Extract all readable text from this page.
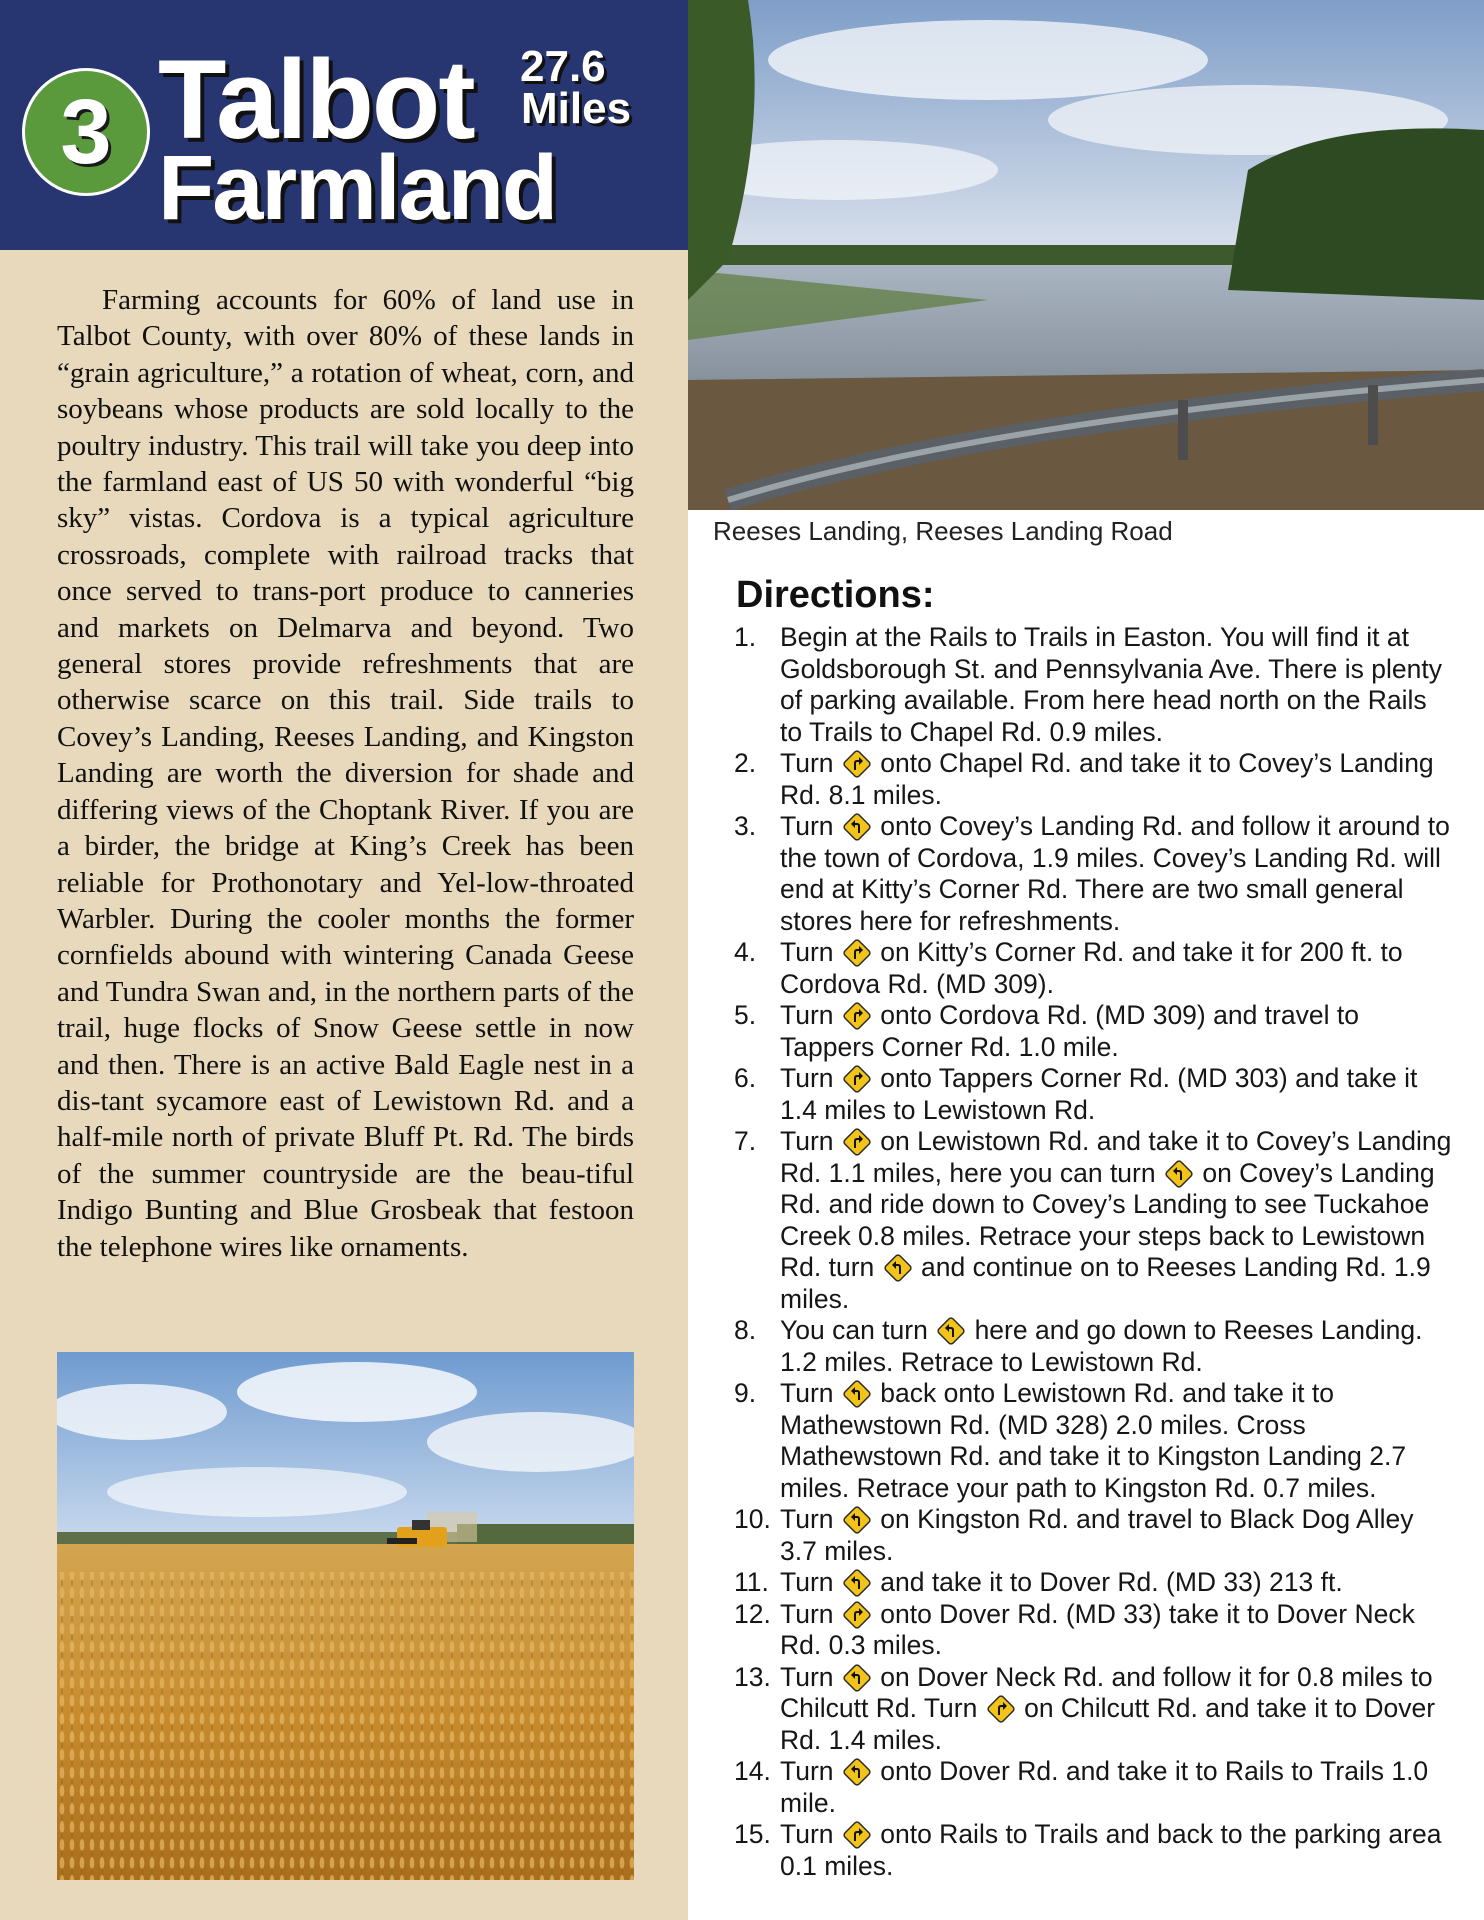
3 Talbot
Farmland
27.6
Miles

Farming accounts for 60% of land use in Talbot County, with over 80% of these lands in “grain agriculture,” a rotation of wheat, corn, and soybeans whose products are sold locally to the poultry industry. This trail will take you deep into the farmland east of US 50 with wonderful “big sky” vistas. Cordova is a typical agriculture crossroads, complete with railroad tracks that once served to trans-port produce to canneries and markets on Delmarva and beyond. Two general stores provide refreshments that are otherwise scarce on this trail. Side trails to Covey’s Landing, Reeses Landing, and Kingston Landing are worth the diversion for shade and differing views of the Choptank River. If you are a birder, the bridge at King’s Creek has been reliable for Prothonotary and Yel-low-throated Warbler. During the cooler months the former cornfields abound with wintering Canada Geese and Tundra Swan and, in the northern parts of the trail, huge flocks of Snow Geese settle in now and then. There is an active Bald Eagle nest in a dis-tant sycamore east of Lewistown Rd. and a half-mile north of private Bluff Pt. Rd. The birds of the summer countryside are the beau-tiful Indigo Bunting and Blue Grosbeak that festoon the telephone wires like ornaments.

Reeses Landing, Reeses Landing Road
Directions:
1. Begin at the Rails to Trails in Easton. You will find it at Goldsborough St. and Pennsylvania Ave. There is plenty of parking available. From here head north on the Rails to Trails to Chapel Rd. 0.9 miles.
2. Turn  onto Chapel Rd. and take it to Covey’s Landing Rd. 8.1 miles.
3. Turn  onto Covey’s Landing Rd. and follow it around to the town of Cordova, 1.9 miles. Covey’s Landing Rd. will end at Kitty’s Corner Rd. There are two small general stores here for refreshments.
4. Turn  on Kitty’s Corner Rd. and take it for 200 ft. to Cordova Rd. (MD 309).
5. Turn  onto Cordova Rd. (MD 309) and travel to Tappers Corner Rd. 1.0 mile.
6. Turn  onto Tappers Corner Rd. (MD 303) and take it 1.4 miles to Lewistown Rd.
7. Turn  on Lewistown Rd. and take it to Covey’s Landing Rd. 1.1 miles, here you can turn  on Covey’s Landing Rd. and ride down to Covey’s Landing to see Tuckahoe Creek 0.8 miles. Retrace your steps back to Lewistown Rd. turn  and continue on to Reeses Landing Rd. 1.9 miles.
8. You can turn  here and go down to Reeses Landing. 1.2 miles. Retrace to Lewistown Rd.
9. Turn  back onto Lewistown Rd. and take it to Mathewstown Rd. (MD 328) 2.0 miles. Cross Mathewstown Rd. and take it to Kingston Landing 2.7 miles. Retrace your path to Kingston Rd. 0.7 miles.
10. Turn  on Kingston Rd. and travel to Black Dog Alley 3.7 miles.
11. Turn  and take it to Dover Rd. (MD 33) 213 ft.
12. Turn  onto Dover Rd. (MD 33) take it to Dover Neck Rd. 0.3 miles.
13. Turn  on Dover Neck Rd. and follow it for 0.8 miles to Chilcutt Rd. Turn  on Chilcutt Rd. and take it to Dover Rd. 1.4 miles.
14. Turn  onto Dover Rd. and take it to Rails to Trails 1.0 mile.
15. Turn  onto Rails to Trails and back to the parking area 0.1 miles.
